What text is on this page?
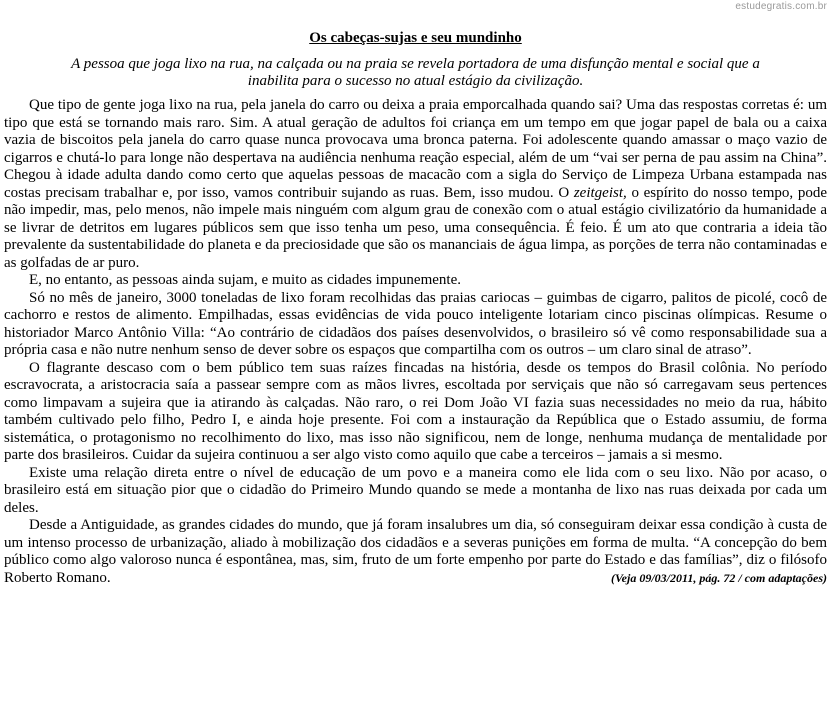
estudegratis.com.br
Os cabeças-sujas e seu mundinho
A pessoa que joga lixo na rua, na calçada ou na praia se revela portadora de uma disfunção mental e social que a inabilita para o sucesso no atual estágio da civilização.

Que tipo de gente joga lixo na rua, pela janela do carro ou deixa a praia emporcalhada quando sai? Uma das respostas corretas é: um tipo que está se tornando mais raro. Sim. A atual geração de adultos foi criança em um tempo em que jogar papel de bala ou a caixa vazia de biscoitos pela janela do carro quase nunca provocava uma bronca paterna. Foi adolescente quando amassar o maço vazio de cigarros e chutá-lo para longe não despertava na audiência nenhuma reação especial, além de um “vai ser perna de pau assim na China”. Chegou à idade adulta dando como certo que aquelas pessoas de macacão com a sigla do Serviço de Limpeza Urbana estampada nas costas precisam trabalhar e, por isso, vamos contribuir sujando as ruas. Bem, isso mudou. O zeitgeist, o espírito do nosso tempo, pode não impedir, mas, pelo menos, não impele mais ninguém com algum grau de conexão com o atual estágio civilizatório da humanidade a se livrar de detritos em lugares públicos sem que isso tenha um peso, uma consequência. É feio. É um ato que contraria a ideia tão prevalente da sustentabilidade do planeta e da preciosidade que são os mananciais de água limpa, as porções de terra não contaminadas e as golfadas de ar puro.

E, no entanto, as pessoas ainda sujam, e muito as cidades impunemente.

Só no mês de janeiro, 3000 toneladas de lixo foram recolhidas das praias cariocas – guimbas de cigarro, palitos de picolé, cocô de cachorro e restos de alimento. Empilhadas, essas evidências de vida pouco inteligente lotariam cinco piscinas olímpicas. Resume o historiador Marco Antônio Villa: “Ao contrário de cidadãos dos países desenvolvidos, o brasileiro só vê como responsabilidade sua a própria casa e não nutre nenhum senso de dever sobre os espaços que compartilha com os outros – um claro sinal de atraso”.

O flagrante descaso com o bem público tem suas raízes fincadas na história, desde os tempos do Brasil colônia. No período escravocrata, a aristocracia saía a passear sempre com as mãos livres, escoltada por serviçais que não só carregavam seus pertences como limpavam a sujeira que ia atirando às calçadas. Não raro, o rei Dom João VI fazia suas necessidades no meio da rua, hábito também cultivado pelo filho, Pedro I, e ainda hoje presente. Foi com a instauração da República que o Estado assumiu, de forma sistemática, o protagonismo no recolhimento do lixo, mas isso não significou, nem de longe, nenhuma mudança de mentalidade por parte dos brasileiros. Cuidar da sujeira continuou a ser algo visto como aquilo que cabe a terceiros – jamais a si mesmo.

Existe uma relação direta entre o nível de educação de um povo e a maneira como ele lida com o seu lixo. Não por acaso, o brasileiro está em situação pior que o cidadão do Primeiro Mundo quando se mede a montanha de lixo nas ruas deixada por cada um deles.

Desde a Antiguidade, as grandes cidades do mundo, que já foram insalubres um dia, só conseguiram deixar essa condição à custa de um intenso processo de urbanização, aliado à mobilização dos cidadãos e a severas punições em forma de multa. “A concepção do bem público como algo valoroso nunca é espontânea, mas, sim, fruto de um forte empenho por parte do Estado e das famílias”, diz o filósofo Roberto Romano.	(Veja 09/03/2011, pág. 72 / com adaptações)
